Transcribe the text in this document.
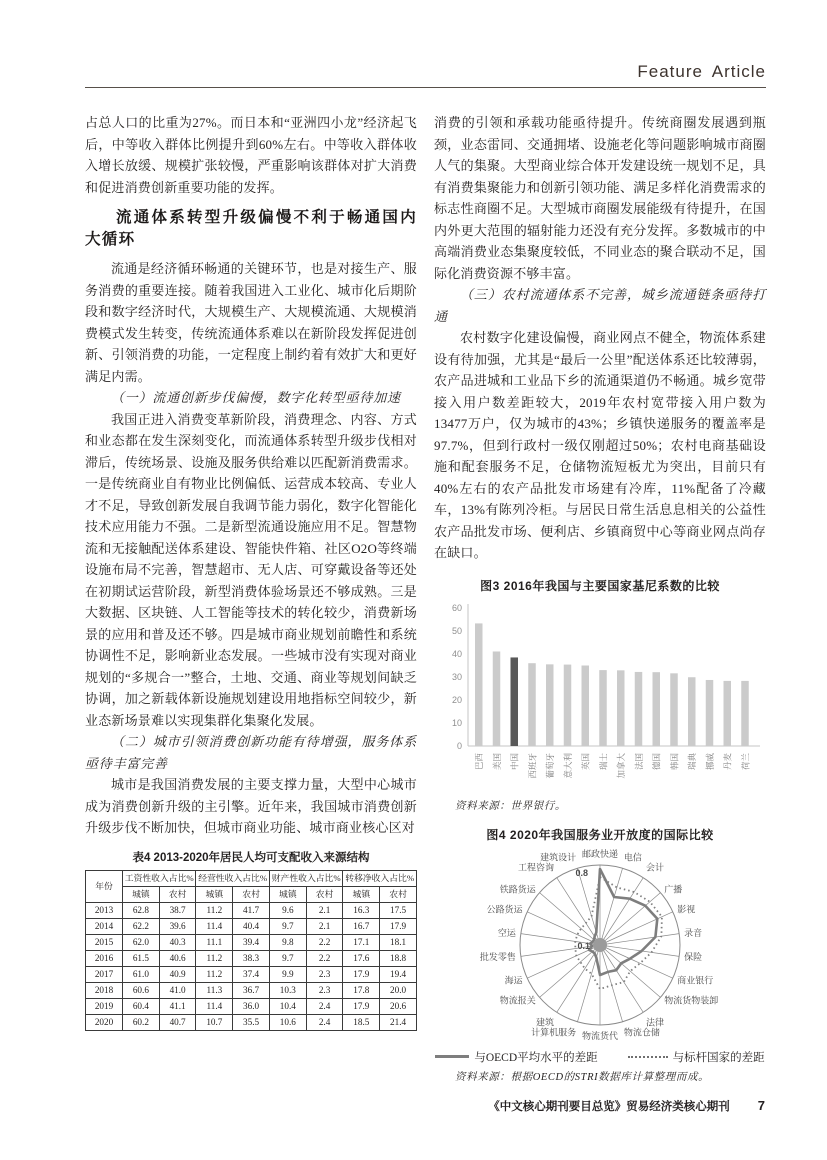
Feature Article

占总人口的比重为27%。而日本和“亚洲四小龙”经济起飞后，中等收入群体比例提升到60%左右。中等收入群体收入增长放缓、规模扩张较慢，严重影响该群体对扩大消费和促进消费创新重要功能的发挥。

流通体系转型升级偏慢不利于畅通国内大循环

流通是经济循环畅通的关键环节，也是对接生产、服务消费的重要连接。随着我国进入工业化、城市化后期阶段和数字经济时代，大规模生产、大规模流通、大规模消费模式发生转变，传统流通体系难以在新阶段发挥促进创新、引领消费的功能，一定程度上制约着有效扩大和更好满足内需。

（一）流通创新步伐偏慢，数字化转型亟待加速

我国正进入消费变革新阶段，消费理念、内容、方式和业态都在发生深刻变化，而流通体系转型升级步伐相对滞后，传统场景、设施及服务供给难以匹配新消费需求。一是传统商业自有物业比例偏低、运营成本较高、专业人才不足，导致创新发展自我调节能力弱化，数字化智能化技术应用能力不强。二是新型流通设施应用不足。智慧物流和无接触配送体系建设、智能快件箱、社区O2O等终端设施布局不完善，智慧超市、无人店、可穿戴设备等还处在初期试运营阶段，新型消费体验场景还不够成熟。三是大数据、区块链、人工智能等技术的转化较少，消费新场景的应用和普及还不够。四是城市商业规划前瞻性和系统协调性不足，影响新业态发展。一些城市没有实现对商业规划的“多规合一”整合，土地、交通、商业等规划间缺乏协调，加之新载体新设施规划建设用地指标空间较少，新业态新场景难以实现集群化集聚化发展。

（二）城市引领消费创新功能有待增强，服务体系亟待丰富完善

城市是我国消费发展的主要支撑力量，大型中心城市成为消费创新升级的主引擎。近年来，我国城市消费创新升级步伐不断加快，但城市商业功能、城市商业核心区对

表4 2013-2020年居民人均可支配收入来源结构
年份	工资性收入占比%		经营性收入占比%		财产性收入占比%		转移净收入占比%	
	城镇	农村	城镇	农村	城镇	农村	城镇	农村
2013	62.8	38.7	11.2	41.7	9.6	2.1	16.3	17.5
2014	62.2	39.6	11.4	40.4	9.7	2.1	16.7	17.9
2015	62.0	40.3	11.1	39.4	9.8	2.2	17.1	18.1
2016	61.5	40.6	11.2	38.3	9.7	2.2	17.6	18.8
2017	61.0	40.9	11.2	37.4	9.9	2.3	17.9	19.4
2018	60.6	41.0	11.3	36.7	10.3	2.3	17.8	20.0
2019	60.4	41.1	11.4	36.0	10.4	2.4	17.9	20.6
2020	60.2	40.7	10.7	35.5	10.6	2.4	18.5	21.4

消费的引领和承载功能亟待提升。传统商圈发展遇到瓶颈，业态雷同、交通拥堵、设施老化等问题影响城市商圈人气的集聚。大型商业综合体开发建设统一规划不足，具有消费集聚能力和创新引领功能、满足多样化消费需求的标志性商圈不足。大型城市商圈发展能级有待提升，在国内外更大范围的辐射能力还没有充分发挥。多数城市的中高端消费业态集聚度较低，不同业态的聚合联动不足，国际化消费资源不够丰富。

（三）农村流通体系不完善，城乡流通链条亟待打通

农村数字化建设偏慢，商业网点不健全，物流体系建设有待加强，尤其是“最后一公里”配送体系还比较薄弱，农产品进城和工业品下乡的流通渠道仍不畅通。城乡宽带接入用户数差距较大，2019年农村宽带接入用户数为13477万户，仅为城市的43%；乡镇快递服务的覆盖率是97.7%，但到行政村一级仅刚超过50%；农村电商基础设施和配套服务不足，仓储物流短板尤为突出，目前只有40%左右的农产品批发市场建有冷库，11%配备了冷藏车，13%有陈列冷柜。与居民日常生活息息相关的公益性农产品批发市场、便利店、乡镇商贸中心等商业网点尚存在缺口。

图3 2016年我国与主要国家基尼系数的比较
0
10
20
30
40
50
60
巴西 美国 中国 西班牙 葡萄牙 意大利 英国 瑞士 加拿大 法国 德国 韩国 瑞典 挪威 丹麦 荷兰

资料来源：世界银行。

图4 2020年我国服务业开放度的国际比较
0.8
0.1
邮政快递 电信
会计
广播
影视
录音
保险
商业银行
物流货物装卸
法律
物流仓储
物流货代
计算机服务
建筑
物流报关
海运
批发零售
空运
公路货运
铁路货运
工程咨询
建筑设计
与OECD平均水平的差距	与标杆国家的差距

资料来源：根据OECD的STRI数据库计算整理而成。

《中文核心期刊要目总览》贸易经济类核心期刊 7
